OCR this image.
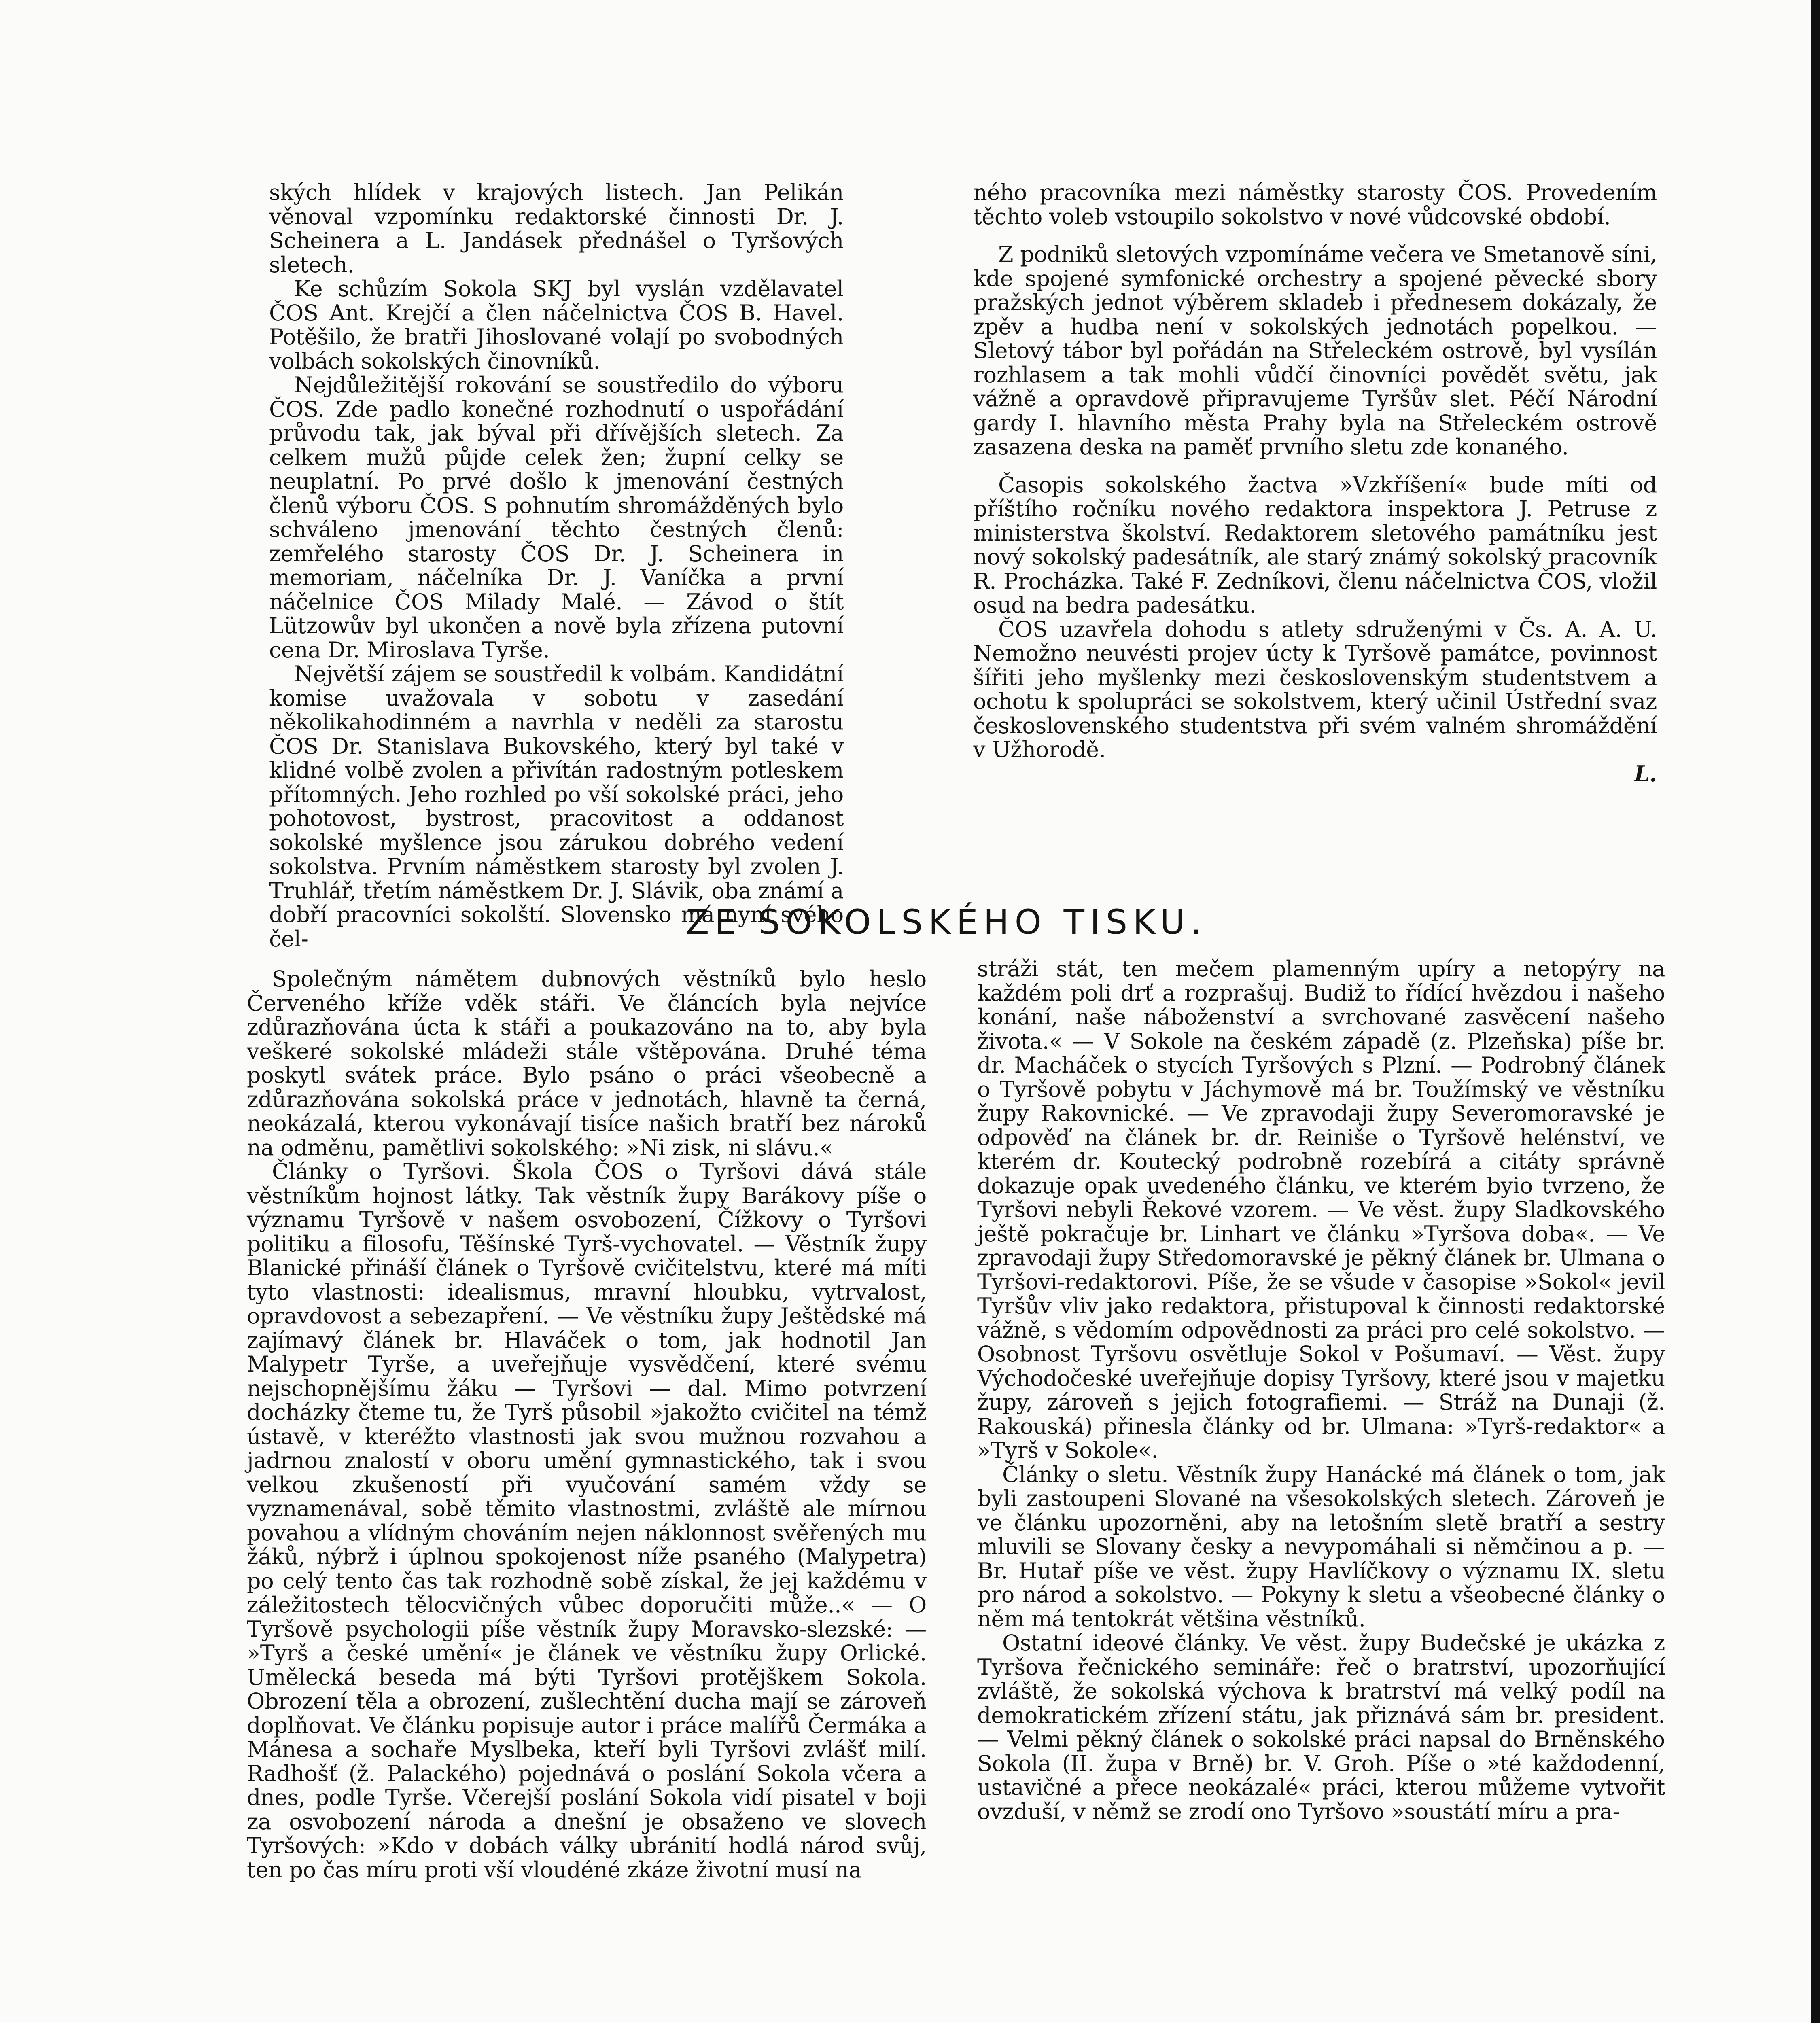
ských hlídek v krajových listech. Jan Pelikán věnoval vzpomínku redaktorské činnosti Dr. J. Scheinera a L. Jandásek přednášel o Tyršových sletech.

Ke schůzím Sokola SKJ byl vyslán vzdělavatel ČOS Ant. Krejčí a člen náčelnictva ČOS B. Havel. Potěšilo, že bratři Jihoslované volají po svobodných volbách sokolských činovníků.

Nejdůležitější rokování se soustředilo do výboru ČOS. Zde padlo konečné rozhodnutí o uspořádání průvodu tak, jak býval při dřívějších sletech. Za celkem mužů půjde celek žen; župní celky se neuplatní. Po prvé došlo k jmenování čestných členů výboru ČOS. S pohnutím shromážděných bylo schváleno jmenování těchto čestných členů: zemřelého starosty ČOS Dr. J. Scheinera in memoriam, náčelníka Dr. J. Vaníčka a první náčelnice ČOS Milady Malé. — Závod o štít Lützowův byl ukončen a nově byla zřízena putovní cena Dr. Miroslava Tyrše.

Největší zájem se soustředil k volbám. Kandidátní komise uvažovala v sobotu v zasedání několikahodinném a navrhla v neděli za starostu ČOS Dr. Stanislava Bukovského, který byl také v klidné volbě zvolen a přivítán radostným potleskem přítomných. Jeho rozhled po vší sokolské práci, jeho pohotovost, bystrost, pracovitost a oddanost sokolské myšlence jsou zárukou dobrého vedení sokolstva. Prvním náměstkem starosty byl zvolen J. Truhlář, třetím náměstkem Dr. J. Slávik, oba známí a dobří pracovníci sokolští. Slovensko má nyní svého čel-

ného pracovníka mezi náměstky starosty ČOS. Provedením těchto voleb vstoupilo sokolstvo v nové vůdcovské období.

Z podniků sletových vzpomínáme večera ve Smetanově síni, kde spojené symfonické orchestry a spojené pěvecké sbory pražských jednot výběrem skladeb i přednesem dokázaly, že zpěv a hudba není v sokolských jednotách popelkou. — Sletový tábor byl pořádán na Střeleckém ostrově, byl vysílán rozhlasem a tak mohli vůdčí činovníci povědět světu, jak vážně a opravdově připravujeme Tyršův slet. Péčí Národní gardy I. hlavního města Prahy byla na Střeleckém ostrově zasazena deska na paměť prvního sletu zde konaného.

Časopis sokolského žactva »Vzkříšení« bude míti od příštího ročníku nového redaktora inspektora J. Petruse z ministerstva školství. Redaktorem sletového památníku jest nový sokolský padesátník, ale starý známý sokolský pracovník R. Procházka. Také F. Zedníkovi, členu náčelnictva ČOS, vložil osud na bedra padesátku.

ČOS uzavřela dohodu s atlety sdruženými v Čs. A. A. U. Nemožno neuvésti projev úcty k Tyršově památce, povinnost šířiti jeho myšlenky mezi československým studentstvem a ochotu k spolupráci se sokolstvem, který učinil Ústřední svaz československého studentstva při svém valném shromáždění v Užhorodě.

L.

ZE SOKOLSKÉHO TISKU.

Společným námětem dubnových věstníků bylo heslo Červeného kříže vděk stáři. Ve článcích byla nejvíce zdůrazňována úcta k stáři a poukazováno na to, aby byla veškeré sokolské mládeži stále vštěpována. Druhé téma poskytl svátek práce. Bylo psáno o práci všeobecně a zdůrazňována sokolská práce v jednotách, hlavně ta černá, neokázalá, kterou vykonávají tisíce našich bratří bez nároků na odměnu, pamětlivi sokolského: »Ni zisk, ni slávu.«

Články o Tyršovi. Škola ČOS o Tyršovi dává stále věstníkům hojnost látky. Tak věstník župy Barákovy píše o významu Tyršově v našem osvobození, Čížkovy o Tyršovi politiku a filosofu, Těšínské Tyrš-vychovatel. — Věstník župy Blanické přináší článek o Tyršově cvičitelstvu, které má míti tyto vlastnosti: idealismus, mravní hloubku, vytrvalost, opravdovost a sebezapření. — Ve věstníku župy Ještědské má zajímavý článek br. Hlaváček o tom, jak hodnotil Jan Malypetr Tyrše, a uveřejňuje vysvědčení, které svému nejschopnějšímu žáku — Tyršovi — dal. Mimo potvrzení docházky čteme tu, že Tyrš působil »jakožto cvičitel na témž ústavě, v kteréžto vlastnosti jak svou mužnou rozvahou a jadrnou znalostí v oboru umění gymnastického, tak i svou velkou zkušeností při vyučování samém vždy se vyznamenával, sobě těmito vlastnostmi, zvláště ale mírnou povahou a vlídným chováním nejen náklonnost svěřených mu žáků, nýbrž i úplnou spokojenost níže psaného (Malypetra) po celý tento čas tak rozhodně sobě získal, že jej každému v záležitostech tělocvičných vůbec doporučiti může..« — O Tyršově psychologii píše věstník župy Moravsko-slezské: — »Tyrš a české umění« je článek ve věstníku župy Orlické. Umělecká beseda má býti Tyršovi protějškem Sokola. Obrození těla a obrození, zušlechtění ducha mají se zároveň doplňovat. Ve článku popisuje autor i práce malířů Čermáka a Mánesa a sochaře Myslbeka, kteří byli Tyršovi zvlášť milí. Radhošť (ž. Palackého) pojednává o poslání Sokola včera a dnes, podle Tyrše. Včerejší poslání Sokola vidí pisatel v boji za osvobození národa a dnešní je obsaženo ve slovech Tyršových: »Kdo v dobách války ubránití hodlá národ svůj, ten po čas míru proti vší vloudéné zkáze životní musí na

stráži stát, ten mečem plamenným upíry a netopýry na každém poli drť a rozprašuj. Budiž to řídící hvězdou i našeho konání, naše náboženství a svrchované zasvěcení našeho života.« — V Sokole na českém západě (z. Plzeňska) píše br. dr. Macháček o stycích Tyršových s Plzní. — Podrobný článek o Tyršově pobytu v Jáchymově má br. Toužímský ve věstníku župy Rakovnické. — Ve zpravodaji župy Severomoravské je odpověď na článek br. dr. Reiniše o Tyršově helénství, ve kterém dr. Koutecký podrobně rozebírá a citáty správně dokazuje opak uvedeného článku, ve kterém byio tvrzeno, že Tyršovi nebyli Řekové vzorem. — Ve věst. župy Sladkovského ještě pokračuje br. Linhart ve článku »Tyršova doba«. — Ve zpravodaji župy Středomoravské je pěkný článek br. Ulmana o Tyršovi-redaktorovi. Píše, že se všude v časopise »Sokol« jevil Tyršův vliv jako redaktora, přistupoval k činnosti redaktorské vážně, s vědomím odpovědnosti za práci pro celé sokolstvo. — Osobnost Tyršovu osvětluje Sokol v Pošumaví. — Věst. župy Východočeské uveřejňuje dopisy Tyršovy, které jsou v majetku župy, zároveň s jejich fotografiemi. — Stráž na Dunaji (ž. Rakouská) přinesla články od br. Ulmana: »Tyrš-redaktor« a »Tyrš v Sokole«.

Články o sletu. Věstník župy Hanácké má článek o tom, jak byli zastoupeni Slované na všesokolských sletech. Zároveň je ve článku upozorněni, aby na letošním sletě bratří a sestry mluvili se Slovany česky a nevypomáhali si němčinou a p. — Br. Hutař píše ve věst. župy Havlíčkovy o významu IX. sletu pro národ a sokolstvo. — Pokyny k sletu a všeobecné články o něm má tentokrát většina věstníků.

Ostatní ideové články. Ve věst. župy Budečské je ukázka z Tyršova řečnického semináře: řeč o bratrství, upozorňující zvláště, že sokolská výchova k bratrství má velký podíl na demokratickém zřízení státu, jak přiznává sám br. president. — Velmi pěkný článek o sokolské práci napsal do Brněnského Sokola (II. župa v Brně) br. V. Groh. Píše o »té každodenní, ustavičné a přece neokázalé« práci, kterou můžeme vytvořit ovzduší, v němž se zrodí ono Tyršovo »soustátí míru a pra-
